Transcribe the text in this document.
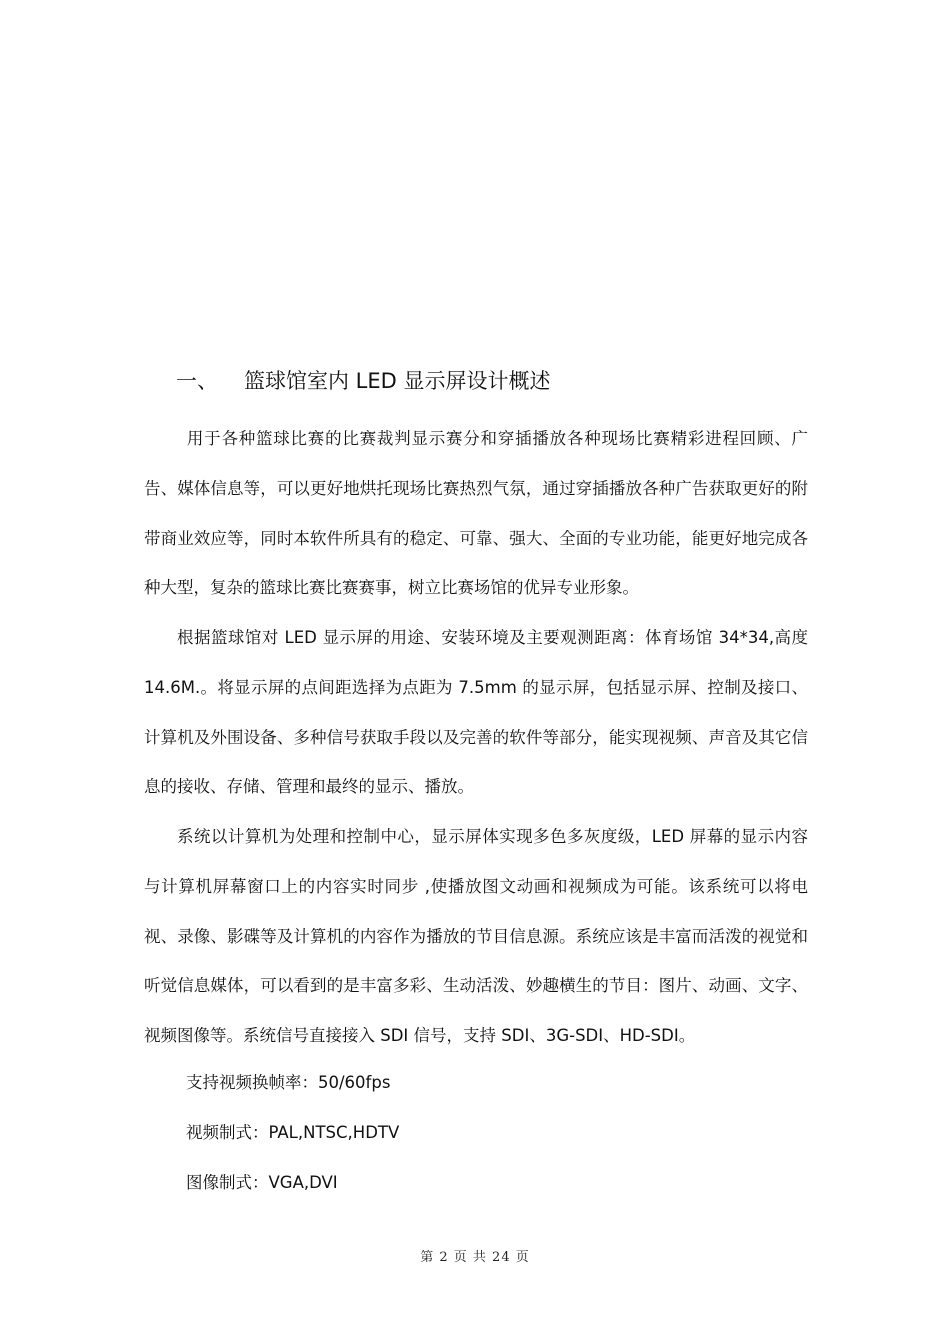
一、	篮球馆室内 LED 显示屏设计概述

用于各种篮球比赛的比赛裁判显示赛分和穿插播放各种现场比赛精彩进程回顾、广告、媒体信息等，可以更好地烘托现场比赛热烈气氛，通过穿插播放各种广告获取更好的附带商业效应等，同时本软件所具有的稳定、可靠、强大、全面的专业功能，能更好地完成各种大型，复杂的篮球比赛比赛赛事，树立比赛场馆的优异专业形象。

根据篮球馆对 LED 显示屏的用途、安装环境及主要观测距离：体育场馆 34*34,高度 14.6M.。将显示屏的点间距选择为点距为 7.5mm 的显示屏，包括显示屏、控制及接口、计算机及外围设备、多种信号获取手段以及完善的软件等部分，能实现视频、声音及其它信息的接收、存储、管理和最终的显示、播放。

系统以计算机为处理和控制中心，显示屏体实现多色多灰度级，LED 屏幕的显示内容与计算机屏幕窗口上的内容实时同步 ,使播放图文动画和视频成为可能。该系统可以将电视、录像、影碟等及计算机的内容作为播放的节目信息源。系统应该是丰富而活泼的视觉和听觉信息媒体，可以看到的是丰富多彩、生动活泼、妙趣横生的节目：图片、动画、文字、视频图像等。系统信号直接接入 SDI 信号，支持 SDI、3G-SDI、HD-SDI。

支持视频换帧率：50/60fps

视频制式：PAL,NTSC,HDTV

图像制式：VGA,DVI

第 2 页 共 24 页
